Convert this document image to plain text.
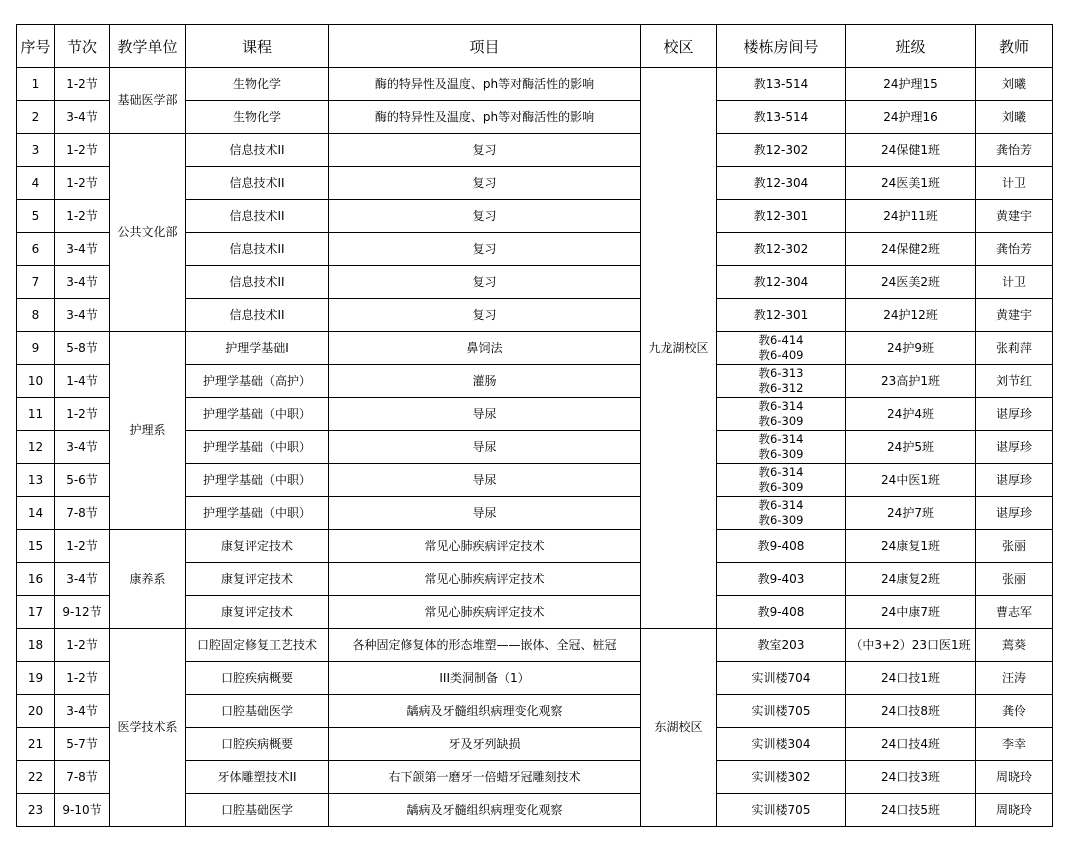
序号	节次	教学单位	课程	项目	校区	楼栋房间号	班级	教师
1	1-2节	基础医学部	生物化学	酶的特异性及温度、ph等对酶活性的影响	九龙湖校区	教13-514	24护理15	刘曦
2	3-4节		生物化学	酶的特异性及温度、ph等对酶活性的影响		教13-514	24护理16	刘曦
3	1-2节	公共文化部	信息技术II	复习		教12-302	24保健1班	龚怡芳
4	1-2节		信息技术II	复习		教12-304	24医美1班	计卫
5	1-2节		信息技术II	复习		教12-301	24护11班	黄建宇
6	3-4节		信息技术II	复习		教12-302	24保健2班	龚怡芳
7	3-4节		信息技术II	复习		教12-304	24医美2班	计卫
8	3-4节		信息技术II	复习		教12-301	24护12班	黄建宇
9	5-8节	护理系	护理学基础I	鼻饲法		教6-414
教6-409	24护9班	张莉萍
10	1-4节		护理学基础（高护）	灌肠		教6-313
教6-312	23高护1班	刘节红
11	1-2节		护理学基础（中职）	导尿		教6-314
教6-309	24护4班	谌厚珍
12	3-4节		护理学基础（中职）	导尿		教6-314
教6-309	24护5班	谌厚珍
13	5-6节		护理学基础（中职）	导尿		教6-314
教6-309	24中医1班	谌厚珍
14	7-8节		护理学基础（中职）	导尿		教6-314
教6-309	24护7班	谌厚珍
15	1-2节	康养系	康复评定技术	常见心肺疾病评定技术		教9-408	24康复1班	张丽
16	3-4节		康复评定技术	常见心肺疾病评定技术		教9-403	24康复2班	张丽
17	9-12节		康复评定技术	常见心肺疾病评定技术		教9-408	24中康7班	曹志军
18	1-2节	医学技术系	口腔固定修复工艺技术	各种固定修复体的形态堆塑——嵌体、全冠、桩冠	东湖校区	教室203	（中3+2）23口医1班	蔫葵
19	1-2节		口腔疾病概要	III类洞制备（1）		实训楼704	24口技1班	汪涛
20	3-4节		口腔基础医学	龋病及牙髓组织病理变化观察		实训楼705	24口技8班	龚伶
21	5-7节		口腔疾病概要	牙及牙列缺损		实训楼304	24口技4班	李幸
22	7-8节		牙体雕塑技术II	右下颌第一磨牙一倍蜡牙冠雕刻技术		实训楼302	24口技3班	周晓玲
23	9-10节		口腔基础医学	龋病及牙髓组织病理变化观察		实训楼705	24口技5班	周晓玲
